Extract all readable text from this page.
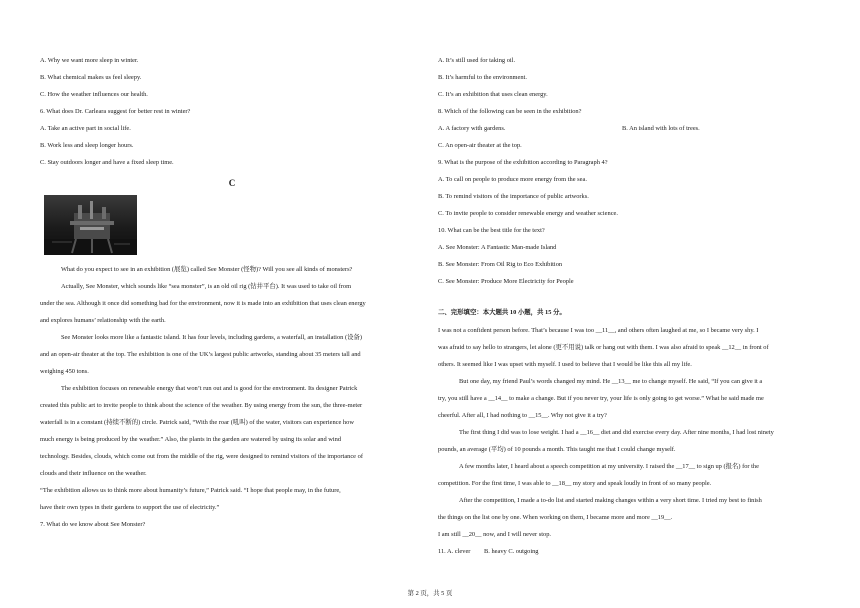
A. Why we want more sleep in winter.
B. What chemical makes us feel sleepy.
C. How the weather influences our health.
6. What does Dr. Carleara suggest for better rest in winter?
A. Take an active part in social life.
B. Work less and sleep longer hours.
C. Stay outdoors longer and have a fixed sleep time.
C
What do you expect to see in an exhibition (展览) called See Monster (怪物)? Will you see all kinds of monsters?
Actually, See Monster, which sounds like “sea monster”, is an old oil rig (钻井平台). It was used to take oil from
under the sea. Although it once did something bad for the environment, now it is made into an exhibition that uses clean energy
and explores humans’ relationship with the earth.
See Monster looks more like a fantastic island. It has four levels, including gardens, a waterfall, an installation (设备)
and an open-air theater at the top. The exhibition is one of the UK’s largest public artworks, standing about 35 meters tall and
weighing 450 tons.
The exhibition focuses on renewable energy that won’t run out and is good for the environment. Its designer Patrick
created this public art to invite people to think about the science of the weather. By using energy from the sun, the three-meter
waterfall is in a constant (持续不断的) circle. Patrick said, “With the roar (吼叫) of the water, visitors can experience how
much energy is being produced by the weather.” Also, the plants in the garden are watered by using its solar and wind
technology. Besides, clouds, which come out from the middle of the rig, were designed to remind visitors of the importance of
clouds and their influence on the weather.
“The exhibition allows us to think more about humanity’s future,” Patrick said. “I hope that people may, in the future,
have their own types in their gardens to support the use of electricity.”
7. What do we know about See Monster?
A. It’s still used for taking oil.
B. It’s harmful to the environment.
C. It’s an exhibition that uses clean energy.
8. Which of the following can be seen in the exhibition?
A. A factory with gardens.	B. An island with lots of trees.
C. An open-air theater at the top.
9. What is the purpose of the exhibition according to Paragraph 4?
A. To call on people to produce more energy from the sea.
B. To remind visitors of the importance of public artworks.
C. To invite people to consider renewable energy and weather science.
10. What can be the best title for the text?
A. See Monster: A Fantastic Man-made Island
B. See Monster: From Oil Rig to Eco Exhibition
C. See Monster: Produce More Electricity for People
二、完形填空：本大题共 10 小题，共 15 分。
I was not a confident person before. That’s because I was too __11__, and others often laughed at me, so I became very shy. I
was afraid to say hello to strangers, let alone (更不用说) talk or hang out with them. I was also afraid to speak __12__ in front of
others. It seemed like I was upset with myself. I used to believe that I would be like this all my life.
But one day, my friend Paul’s words changed my mind. He __13__ me to change myself. He said, “If you can give it a
try, you still have a __14__ to make a change. But if you never try, your life is only going to get worse.” What he said made me
cheerful. After all, I had nothing to __15__. Why not give it a try?
The first thing I did was to lose weight. I had a __16__ diet and did exercise every day. After nine months, I had lost ninety
pounds, an average (平均) of 10 pounds a month. This taught me that I could change myself.
A few months later, I heard about a speech competition at my university. I raised the __17__ to sign up (报名) for the
competition. For the first time, I was able to __18__ my story and speak loudly in front of so many people.
After the competition, I made a to-do list and started making changes within a very short time. I tried my best to finish
the things on the list one by one. When working on them, I became more and more __19__.
I am still __20__ now, and I will never stop.
11. A. clever B. heavy C. outgoing
第 2 页，共 5 页
